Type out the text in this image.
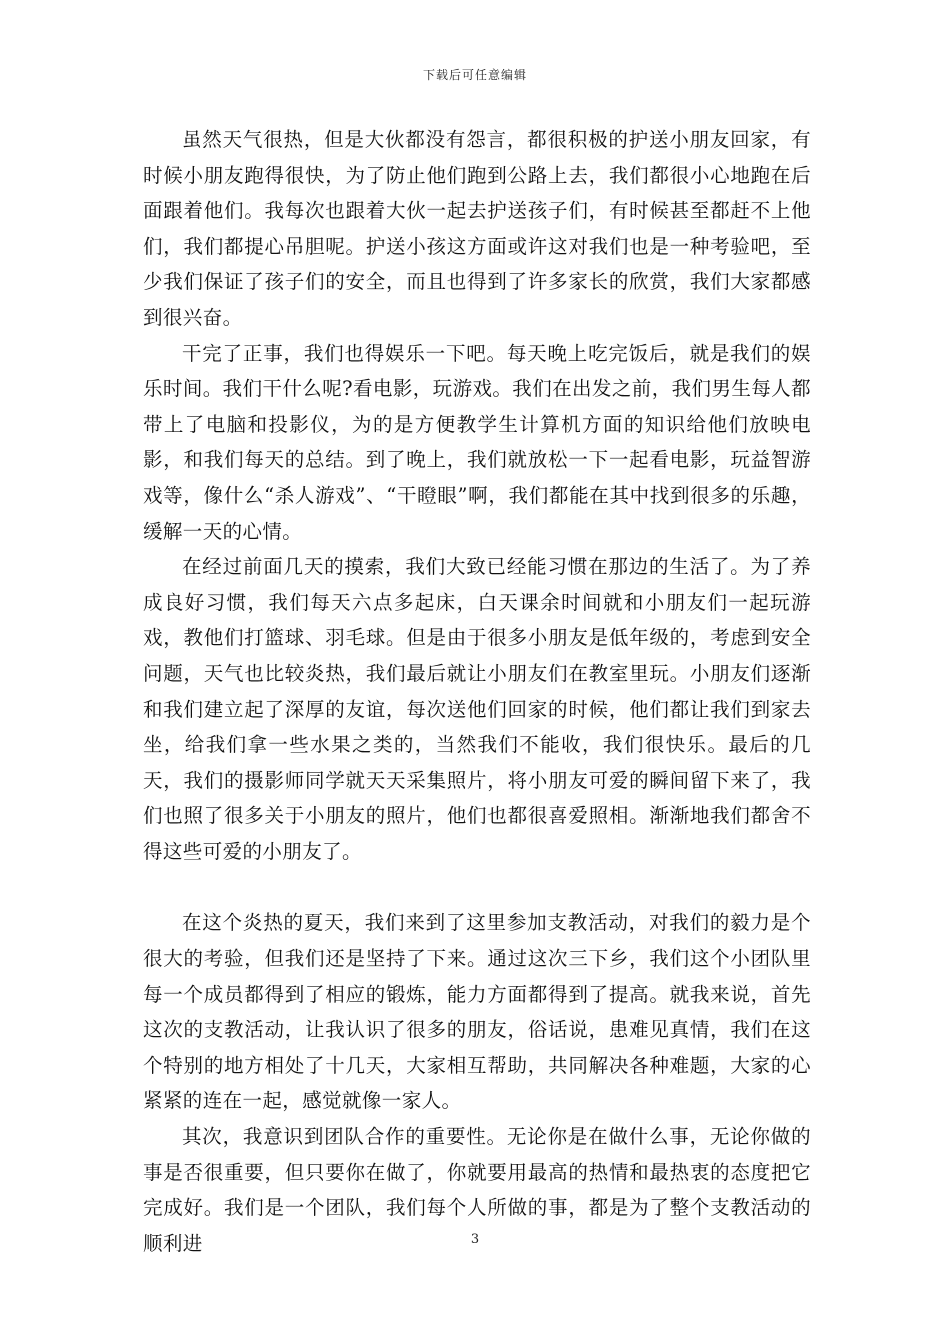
下载后可任意编辑

虽然天气很热，但是大伙都没有怨言，都很积极的护送小朋友回家，有时候小朋友跑得很快，为了防止他们跑到公路上去，我们都很小心地跑在后面跟着他们。我每次也跟着大伙一起去护送孩子们，有时候甚至都赶不上他们，我们都提心吊胆呢。护送小孩这方面或许这对我们也是一种考验吧，至少我们保证了孩子们的安全，而且也得到了许多家长的欣赏，我们大家都感到很兴奋。

干完了正事，我们也得娱乐一下吧。每天晚上吃完饭后，就是我们的娱乐时间。我们干什么呢?看电影，玩游戏。我们在出发之前，我们男生每人都带上了电脑和投影仪，为的是方便教学生计算机方面的知识给他们放映电影，和我们每天的总结。到了晚上，我们就放松一下一起看电影，玩益智游戏等，像什么“杀人游戏”、“干瞪眼”啊，我们都能在其中找到很多的乐趣，缓解一天的心情。

在经过前面几天的摸索，我们大致已经能习惯在那边的生活了。为了养成良好习惯，我们每天六点多起床，白天课余时间就和小朋友们一起玩游戏，教他们打篮球、羽毛球。但是由于很多小朋友是低年级的，考虑到安全问题，天气也比较炎热，我们最后就让小朋友们在教室里玩。小朋友们逐渐和我们建立起了深厚的友谊，每次送他们回家的时候，他们都让我们到家去坐，给我们拿一些水果之类的，当然我们不能收，我们很快乐。最后的几天，我们的摄影师同学就天天采集照片，将小朋友可爱的瞬间留下来了，我们也照了很多关于小朋友的照片，他们也都很喜爱照相。渐渐地我们都舍不得这些可爱的小朋友了。

在这个炎热的夏天，我们来到了这里参加支教活动，对我们的毅力是个很大的考验，但我们还是坚持了下来。通过这次三下乡，我们这个小团队里每一个成员都得到了相应的锻炼，能力方面都得到了提高。就我来说，首先这次的支教活动，让我认识了很多的朋友，俗话说，患难见真情，我们在这个特别的地方相处了十几天，大家相互帮助，共同解决各种难题，大家的心紧紧的连在一起，感觉就像一家人。

其次，我意识到团队合作的重要性。无论你是在做什么事，无论你做的事是否很重要，但只要你在做了，你就要用最高的热情和最热衷的态度把它完成好。我们是一个团队，我们每个人所做的事，都是为了整个支教活动的顺利进	3
